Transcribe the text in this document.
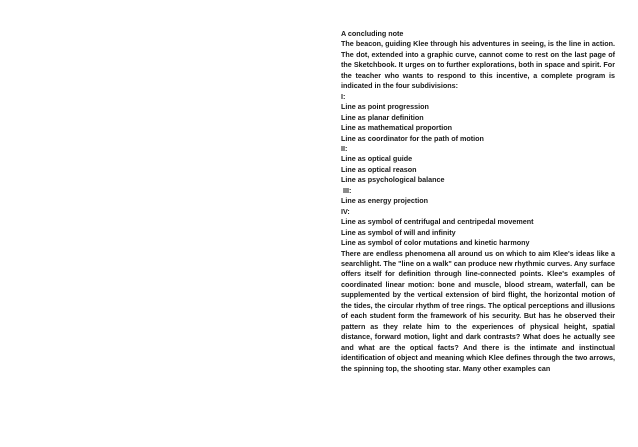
A concluding note

The beacon, guiding Klee through his adventures in seeing, is the line in action. The dot, extended into a graphic curve, cannot come to rest on the last page of the Sketchbook. It urges on to further explorations, both in space and spirit. For the teacher who wants to respond to this incentive, a complete program is indicated in the four subdivisions:

I:
Line as point progression
Line as planar definition
Line as mathematical proportion
Line as coordinator for the path of motion
II:
Line as optical guide
Line as optical reason
Line as psychological balance
III:
Line as energy projection
IV:
Line as symbol of centrifugal and centripedal movement
Line as symbol of will and infinity
Line as symbol of color mutations and kinetic harmony

There are endless phenomena all around us on which to aim Klee's ideas like a searchlight. The "line on a walk" can produce new rhythmic curves. Any surface offers itself for definition through line-connected points. Klee's examples of coordinated linear motion: bone and muscle, blood stream, waterfall, can be supplemented by the vertical extension of bird flight, the horizontal motion of the tides, the circular rhythm of tree rings. The optical perceptions and illusions of each student form the framework of his security. But has he observed their pattern as they relate him to the experiences of physical height, spatial distance, forward motion, light and dark contrasts? What does he actually see and what are the optical facts? And there is the intimate and instinctual identification of object and meaning which Klee defines through the two arrows, the spinning top, the shooting star. Many other examples can
